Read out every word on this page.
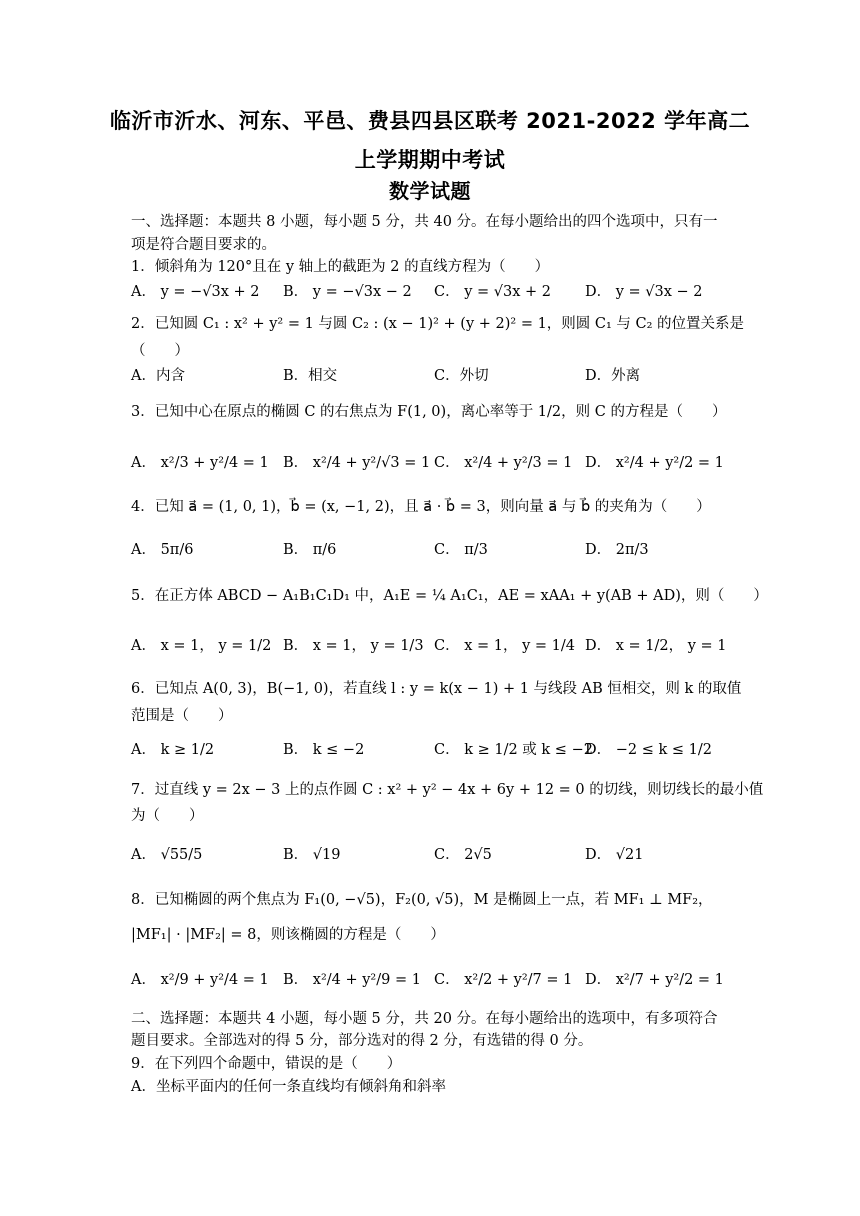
临沂市沂水、河东、平邑、费县四县区联考 2021-2022 学年高二
上学期期中考试
数学试题
一、选择题：本题共 8 小题，每小题 5 分，共 40 分。在每小题给出的四个选项中，只有一
项是符合题目要求的。
1．倾斜角为 120°且在 y 轴上的截距为 2 的直线方程为（　　）
A． y = −√3x + 2 B． y = −√3x − 2 C． y = √3x + 2 D． y = √3x − 2
2．已知圆 C₁ : x² + y² = 1 与圆 C₂ : (x − 1)² + (y + 2)² = 1，则圆 C₁ 与 C₂ 的位置关系是
（　　）
A．内含	B．相交	C．外切	D．外离
3．已知中心在原点的椭圆 C 的右焦点为 F(1, 0)，离心率等于 1/2，则 C 的方程是（　　）
A． x²/3 + y²/4 = 1 B． x²/4 + y²/√3 = 1 C． x²/4 + y²/3 = 1 D． x²/4 + y²/2 = 1
4．已知 a⃗ = (1, 0, 1)，b⃗ = (x, −1, 2)，且 a⃗ · b⃗ = 3，则向量 a⃗ 与 b⃗ 的夹角为（　　）
A． 5π/6	B． π/6	C． π/3	D． 2π/3
5．在正方体 ABCD − A₁B₁C₁D₁ 中，A₁E = ¼ A₁C₁，AE = xAA₁ + y(AB + AD)，则（　　）
A． x = 1， y = 1/2 B． x = 1， y = 1/3 C． x = 1， y = 1/4 D． x = 1/2， y = 1
6．已知点 A(0, 3)，B(−1, 0)，若直线 l : y = k(x − 1) + 1 与线段 AB 恒相交，则 k 的取值
范围是（　　）
A． k ≥ 1/2	B． k ≤ −2	C． k ≥ 1/2 或 k ≤ −2
D． −2 ≤ k ≤ 1/2
7．过直线 y = 2x − 3 上的点作圆 C : x² + y² − 4x + 6y + 12 = 0 的切线，则切线长的最小值
为（　　）
A． √55/5	B． √19	C． 2√5	D． √21
8．已知椭圆的两个焦点为 F₁(0, −√5)，F₂(0, √5)，M 是椭圆上一点，若 MF₁ ⊥ MF₂，
|MF₁| · |MF₂| = 8，则该椭圆的方程是（　　）
A． x²/9 + y²/4 = 1 B． x²/4 + y²/9 = 1 C． x²/2 + y²/7 = 1 D． x²/7 + y²/2 = 1
二、选择题：本题共 4 小题，每小题 5 分，共 20 分。在每小题给出的选项中，有多项符合
题目要求。全部选对的得 5 分，部分选对的得 2 分，有选错的得 0 分。
9．在下列四个命题中，错误的是（　　）
A．坐标平面内的任何一条直线均有倾斜角和斜率
